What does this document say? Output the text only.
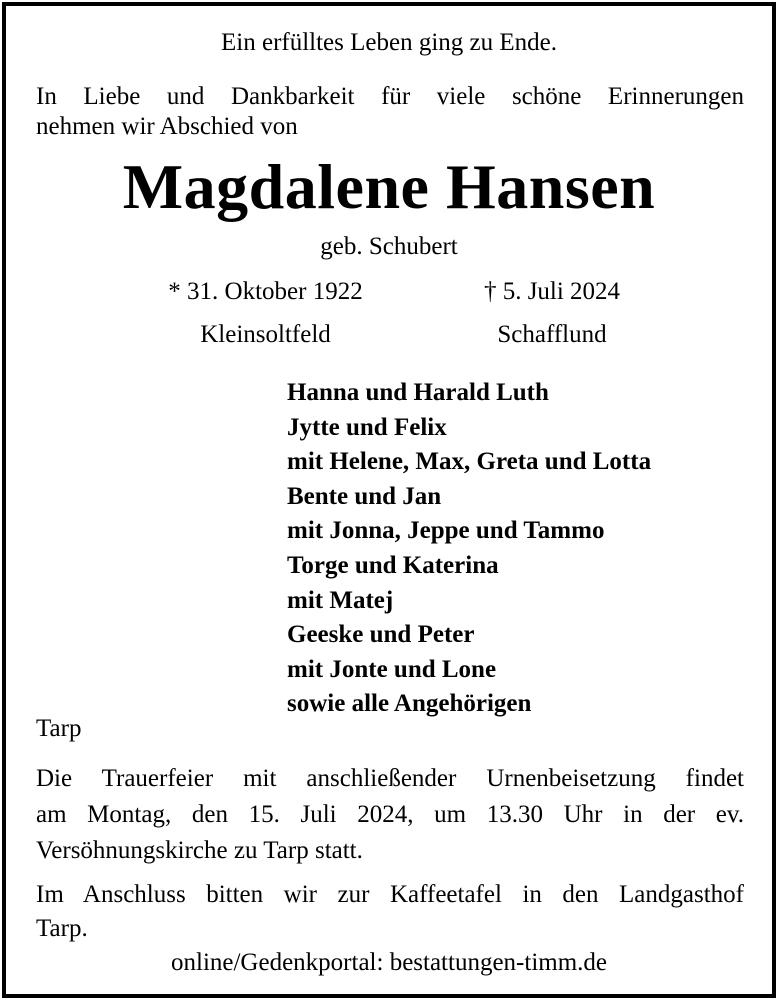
Ein erfülltes Leben ging zu Ende.
In Liebe und Dankbarkeit für viele schöne Erinnerungen
nehmen wir Abschied von
Magdalene Hansen
geb. Schubert
* 31. Oktober 1922	† 5. Juli 2024
Kleinsoltfeld	Schafflund
Hanna und Harald Luth
Jytte und Felix
mit Helene, Max, Greta und Lotta
Bente und Jan
mit Jonna, Jeppe und Tammo
Torge und Katerina
mit Matej
Geeske und Peter
mit Jonte und Lone
sowie alle Angehörigen
Tarp
Die Trauerfeier mit anschließender Urnenbeisetzung findet
am Montag, den 15. Juli 2024, um 13.30 Uhr in der ev.
Versöhnungskirche zu Tarp statt.
Im Anschluss bitten wir zur Kaffeetafel in den Landgasthof
Tarp.
online/Gedenkportal: bestattungen-timm.de
